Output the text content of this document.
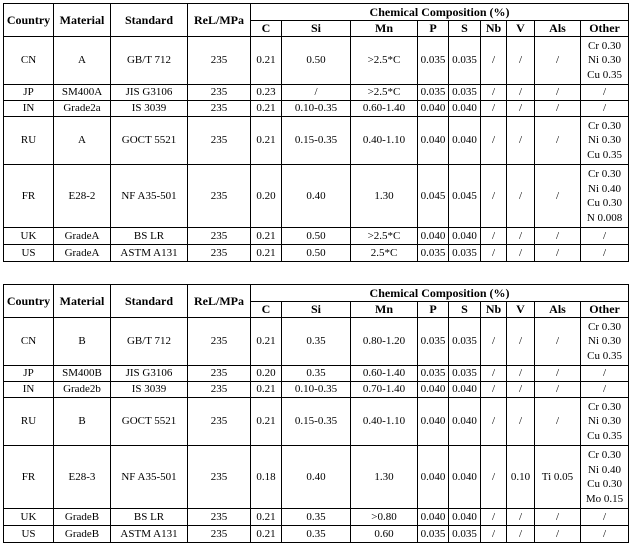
Country	Material	Standard	ReL/MPa	Chemical Composition (%)								
				C	Si	Mn	P	S	Nb	V	Als	Other
CN	A	GB/T 712	235	0.21	0.50	>2.5*C	0.035	0.035	/	/	/	Cr 0.30
Ni 0.30
Cu 0.35

JP	SM400A	JIS G3106	235	0.23	/	>2.5*C	0.035	0.035	/	/	/	/

IN	Grade2a	IS 3039	235	0.21	0.10-0.35	0.60-1.40	0.040	0.040	/	/	/	/

RU	A	GOCT 5521	235	0.21	0.15-0.35	0.40-1.10	0.040	0.040	/	/	/	Cr 0.30
Ni 0.30
Cu 0.35

FR	E28-2	NF A35-501	235	0.20	0.40	1.30	0.045	0.045	/	/	/	Cr 0.30
Ni 0.40
Cu 0.30
N 0.008

UK	GradeA	BS LR	235	0.21	0.50	>2.5*C	0.040	0.040	/	/	/	/

US	GradeA	ASTM A131	235	0.21	0.50	2.5*C	0.035	0.035	/	/	/	/
Country	Material	Standard	ReL/MPa	Chemical Composition (%)								
				C	Si	Mn	P	S	Nb	V	Als	Other
CN	B	GB/T 712	235	0.21	0.35	0.80-1.20	0.035	0.035	/	/	/	Cr 0.30
Ni 0.30
Cu 0.35

JP	SM400B	JIS G3106	235	0.20	0.35	0.60-1.40	0.035	0.035	/	/	/	/

IN	Grade2b	IS 3039	235	0.21	0.10-0.35	0.70-1.40	0.040	0.040	/	/	/	/

RU	B	GOCT 5521	235	0.21	0.15-0.35	0.40-1.10	0.040	0.040	/	/	/	Cr 0.30
Ni 0.30
Cu 0.35

FR	E28-3	NF A35-501	235	0.18	0.40	1.30	0.040	0.040	/	0.10	Ti 0.05	Cr 0.30
Ni 0.40
Cu 0.30
Mo 0.15

UK	GradeB	BS LR	235	0.21	0.35	>0.80	0.040	0.040	/	/	/	/

US	GradeB	ASTM A131	235	0.21	0.35	0.60	0.035	0.035	/	/	/	/
